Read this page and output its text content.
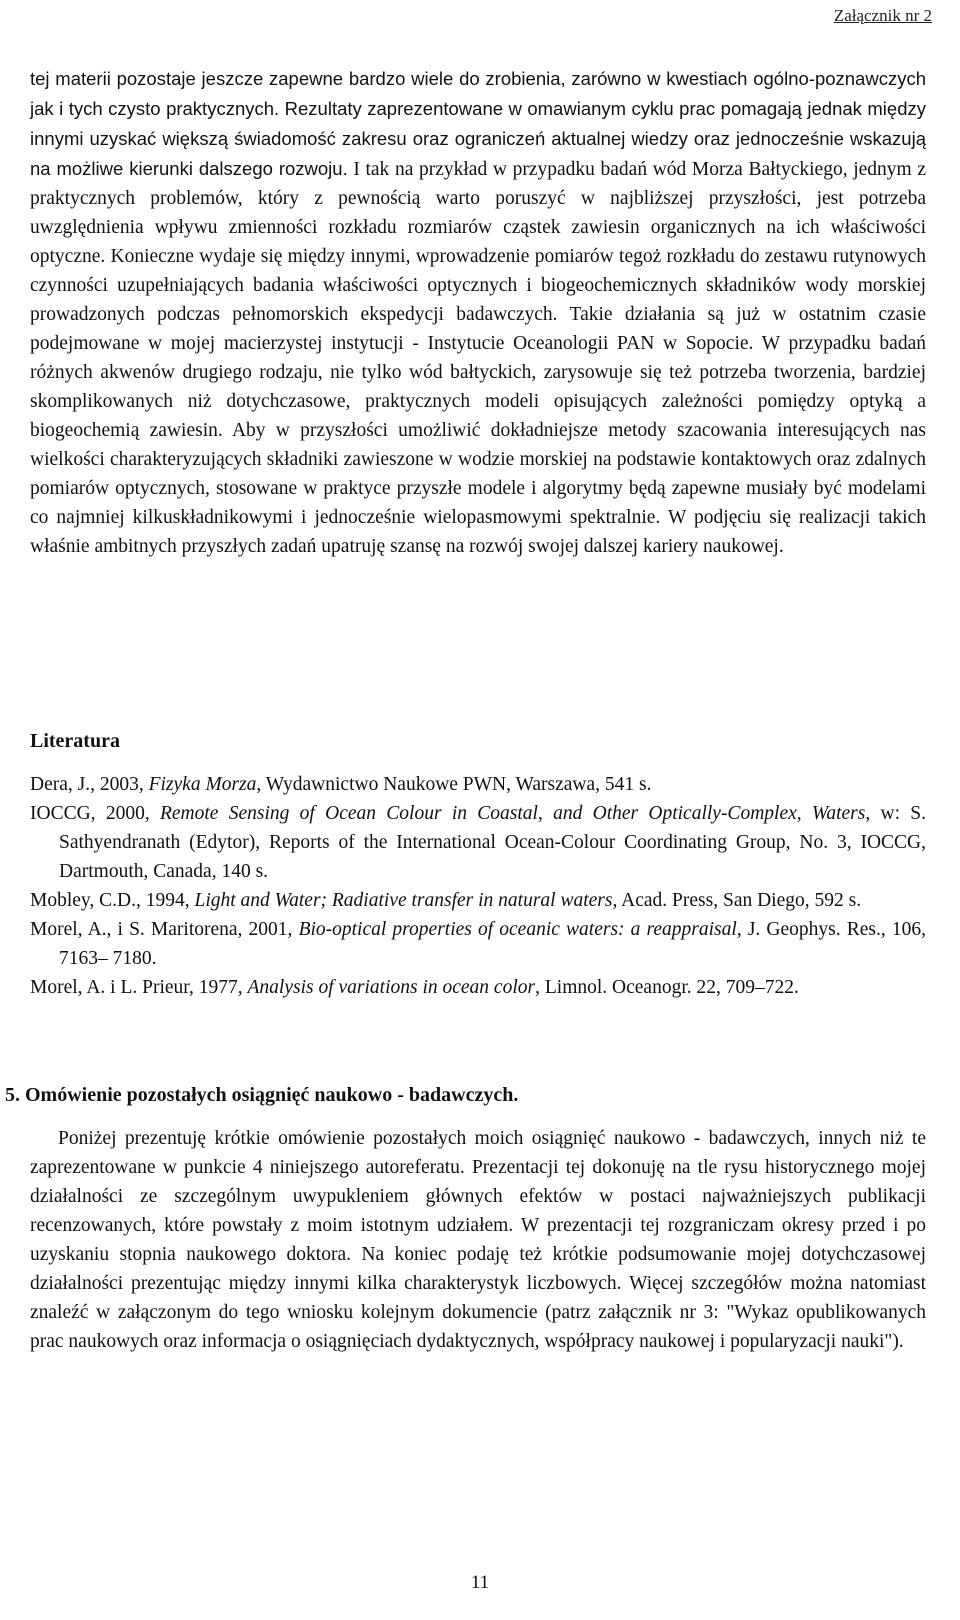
Załącznik nr 2

tej materii pozostaje jeszcze zapewne bardzo wiele do zrobienia, zarówno w kwestiach ogólno-poznawczych jak i tych czysto praktycznych. Rezultaty zaprezentowane w omawianym cyklu prac pomagają jednak między innymi uzyskać większą świadomość zakresu oraz ograniczeń aktualnej wiedzy oraz jednocześnie wskazują na możliwe kierunki dalszego rozwoju. I tak na przykład w przypadku badań wód Morza Bałtyckiego, jednym z praktycznych problemów, który z pewnością warto poruszyć w najbliższej przyszłości, jest potrzeba uwzględnienia wpływu zmienności rozkładu rozmiarów cząstek zawiesin organicznych na ich właściwości optyczne. Konieczne wydaje się między innymi, wprowadzenie pomiarów tegoż rozkładu do zestawu rutynowych czynności uzupełniających badania właściwości optycznych i biogeochemicznych składników wody morskiej prowadzonych podczas pełnomorskich ekspedycji badawczych. Takie działania są już w ostatnim czasie podejmowane w mojej macierzystej instytucji - Instytucie Oceanologii PAN w Sopocie. W przypadku badań różnych akwenów drugiego rodzaju, nie tylko wód bałtyckich, zarysowuje się też potrzeba tworzenia, bardziej skomplikowanych niż dotychczasowe, praktycznych modeli opisujących zależności pomiędzy optyką a biogeochemią zawiesin. Aby w przyszłości umożliwić dokładniejsze metody szacowania interesujących nas wielkości charakteryzujących składniki zawieszone w wodzie morskiej na podstawie kontaktowych oraz zdalnych pomiarów optycznych, stosowane w praktyce przyszłe modele i algorytmy będą zapewne musiały być modelami co najmniej kilkuskładnikowymi i jednocześnie wielopasmowymi spektralnie. W podjęciu się realizacji takich właśnie ambitnych przyszłych zadań upatruję szansę na rozwój swojej dalszej kariery naukowej.

Literatura
Dera, J., 2003, Fizyka Morza, Wydawnictwo Naukowe PWN, Warszawa, 541 s.
IOCCG, 2000, Remote Sensing of Ocean Colour in Coastal, and Other Optically-Complex, Waters, w: S. Sathyendranath (Edytor), Reports of the International Ocean-Colour Coordinating Group, No. 3, IOCCG, Dartmouth, Canada, 140 s.
Mobley, C.D., 1994, Light and Water; Radiative transfer in natural waters, Acad. Press, San Diego, 592 s.
Morel, A., i S. Maritorena, 2001, Bio-optical properties of oceanic waters: a reappraisal, J. Geophys. Res., 106, 7163– 7180.
Morel, A. i L. Prieur, 1977, Analysis of variations in ocean color, Limnol. Oceanogr. 22, 709–722.
5. Omówienie pozostałych osiągnięć naukowo - badawczych.

Poniżej prezentuję krótkie omówienie pozostałych moich osiągnięć naukowo - badawczych, innych niż te zaprezentowane w punkcie 4 niniejszego autoreferatu. Prezentacji tej dokonuję na tle rysu historycznego mojej działalności ze szczególnym uwypukleniem głównych efektów w postaci najważniejszych publikacji recenzowanych, które powstały z moim istotnym udziałem. W prezentacji tej rozgraniczam okresy przed i po uzyskaniu stopnia naukowego doktora. Na koniec podaję też krótkie podsumowanie mojej dotychczasowej działalności prezentując między innymi kilka charakterystyk liczbowych. Więcej szczegółów można natomiast znaleźć w załączonym do tego wniosku kolejnym dokumencie (patrz załącznik nr 3: "Wykaz opublikowanych prac naukowych oraz informacja o osiągnięciach dydaktycznych, współpracy naukowej i popularyzacji nauki").

11
